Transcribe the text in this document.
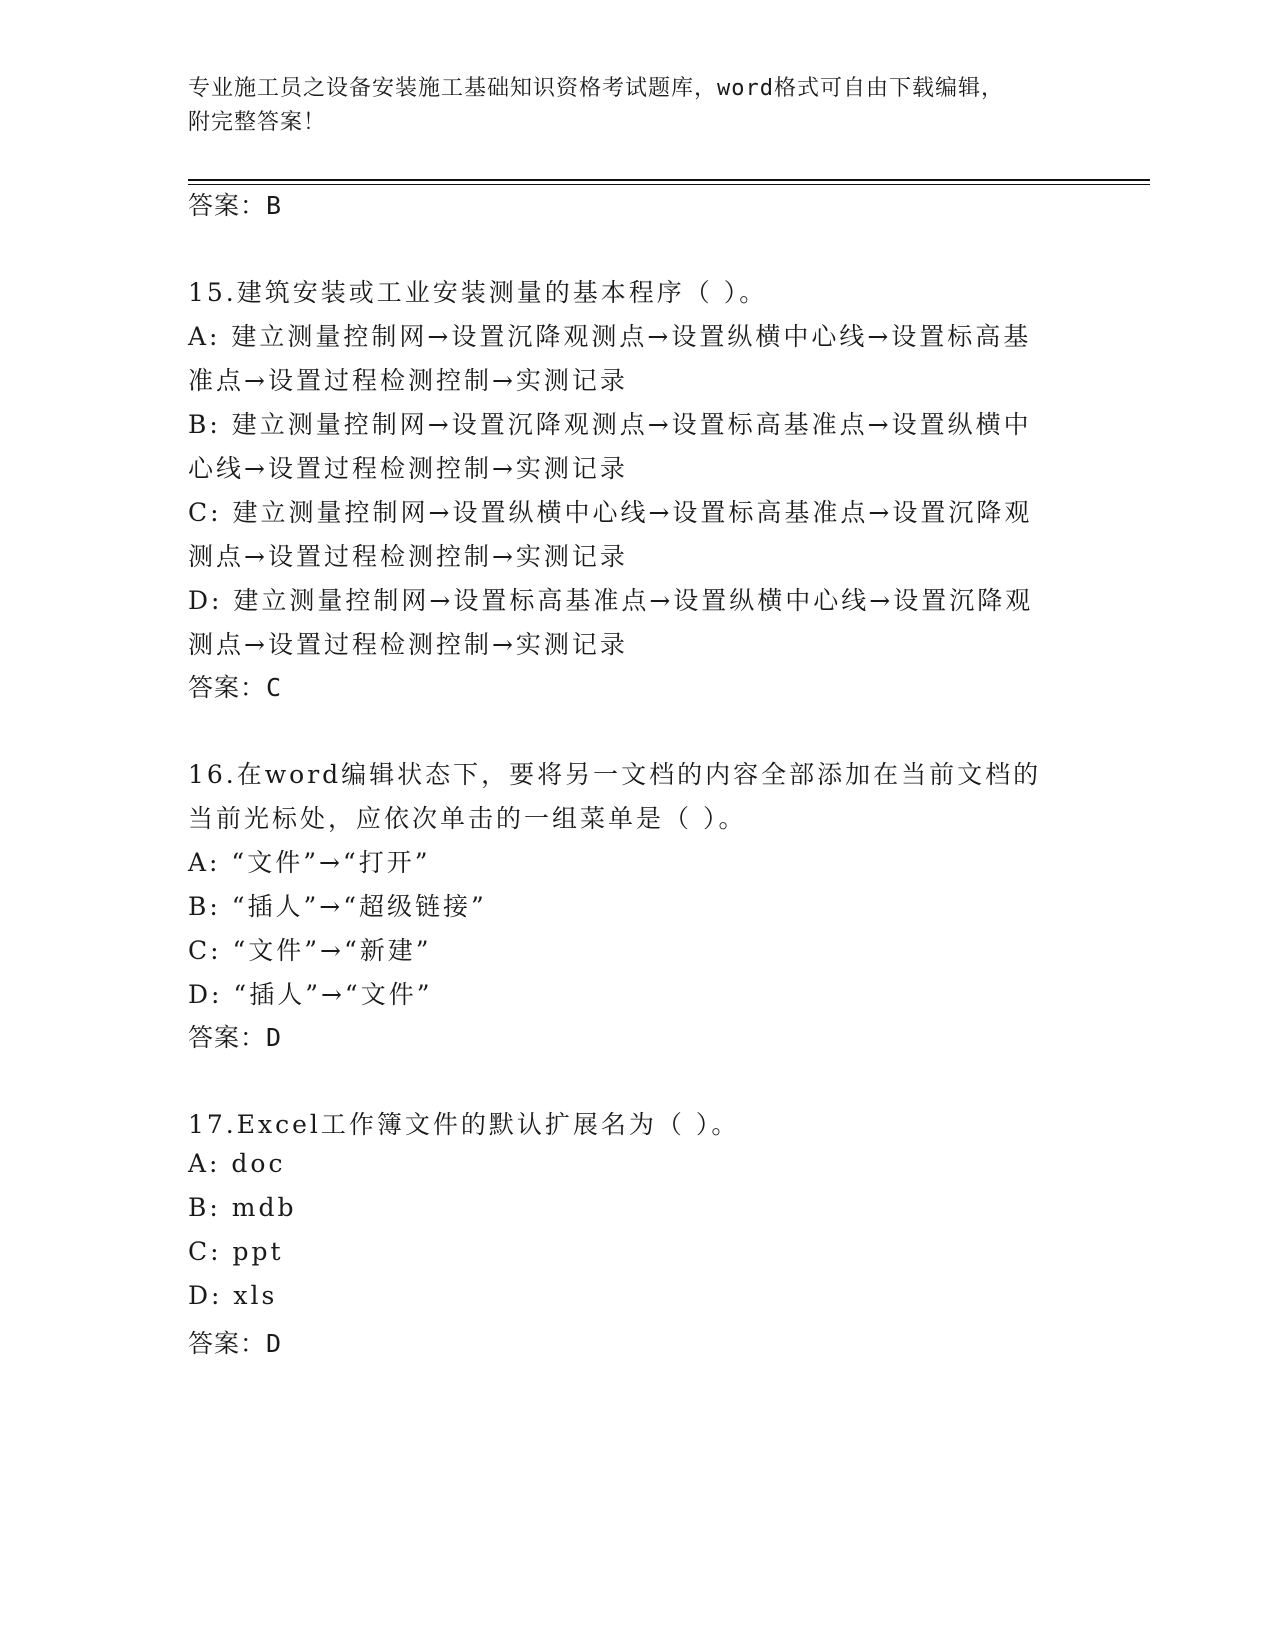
专业施工员之设备安装施工基础知识资格考试题库，word格式可自由下载编辑，
附完整答案！
答案：B
15.建筑安装或工业安装测量的基本程序（ ）。
A: 建立测量控制网→设置沉降观测点→设置纵横中心线→设置标高基
准点→设置过程检测控制→实测记录
B: 建立测量控制网→设置沉降观测点→设置标高基准点→设置纵横中
心线→设置过程检测控制→实测记录
C: 建立测量控制网→设置纵横中心线→设置标高基准点→设置沉降观
测点→设置过程检测控制→实测记录
D: 建立测量控制网→设置标高基准点→设置纵横中心线→设置沉降观
测点→设置过程检测控制→实测记录
答案：C
16.在word编辑状态下，要将另一文档的内容全部添加在当前文档的
当前光标处，应依次单击的一组菜单是（ ）。
A: “文件”→“打开”
B: “插人”→“超级链接”
C: “文件”→“新建”
D: “插人”→“文件”
答案：D
17.Excel工作簿文件的默认扩展名为（ ）。
A: doc
B: mdb
C: ppt
D: xls
答案：D
